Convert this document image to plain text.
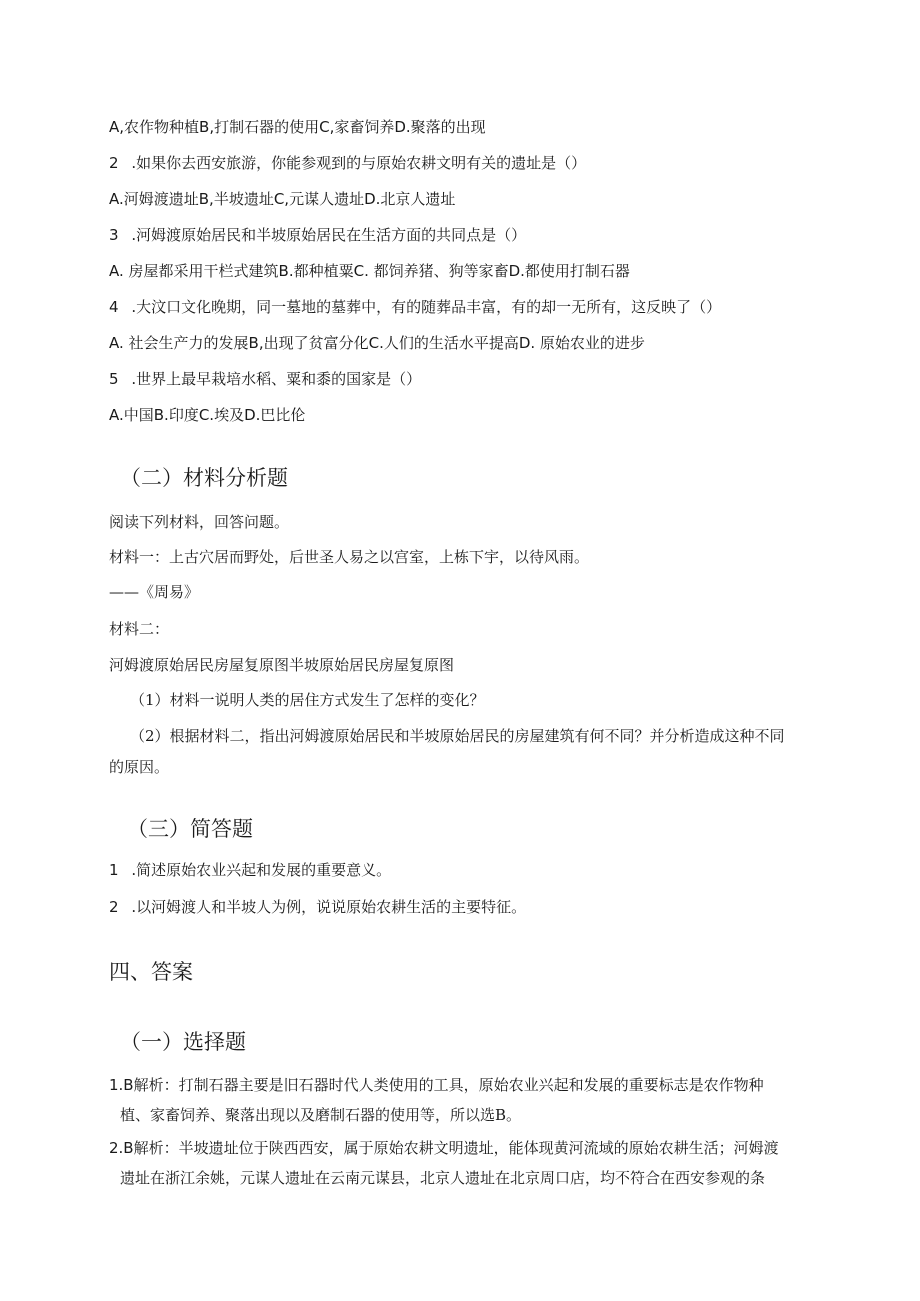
A,农作物种植B,打制石器的使用C,家畜饲养D.聚落的出现
2 .如果你去西安旅游，你能参观到的与原始农耕文明有关的遗址是（）
A.河姆渡遗址B,半坡遗址C,元谋人遗址D.北京人遗址
3 .河姆渡原始居民和半坡原始居民在生活方面的共同点是（）
A. 房屋都采用干栏式建筑B.都种植粟C. 都饲养猪、狗等家畜D.都使用打制石器
4 .大汶口文化晚期，同一墓地的墓葬中，有的随葬品丰富，有的却一无所有，这反映了（）
A. 社会生产力的发展B,出现了贫富分化C.人们的生活水平提高D. 原始农业的进步
5 .世界上最早栽培水稻、粟和黍的国家是（）
A.中国B.印度C.埃及D.巴比伦
（二）材料分析题
阅读下列材料，回答问题。
材料一：上古穴居而野处，后世圣人易之以宫室，上栋下宇，以待风雨。
——《周易》
材料二：
河姆渡原始居民房屋复原图半坡原始居民房屋复原图
（1）材料一说明人类的居住方式发生了怎样的变化？
（2）根据材料二，指出河姆渡原始居民和半坡原始居民的房屋建筑有何不同？并分析造成这种不同
的原因。
（三）简答题
1 .简述原始农业兴起和发展的重要意义。
2 .以河姆渡人和半坡人为例，说说原始农耕生活的主要特征。
四、答案
（一）选择题
1.B解析：打制石器主要是旧石器时代人类使用的工具，原始农业兴起和发展的重要标志是农作物种
植、家畜饲养、聚落出现以及磨制石器的使用等，所以选B。
2.B解析：半坡遗址位于陕西西安，属于原始农耕文明遗址，能体现黄河流域的原始农耕生活；河姆渡
遗址在浙江余姚，元谋人遗址在云南元谋县，北京人遗址在北京周口店，均不符合在西安参观的条
